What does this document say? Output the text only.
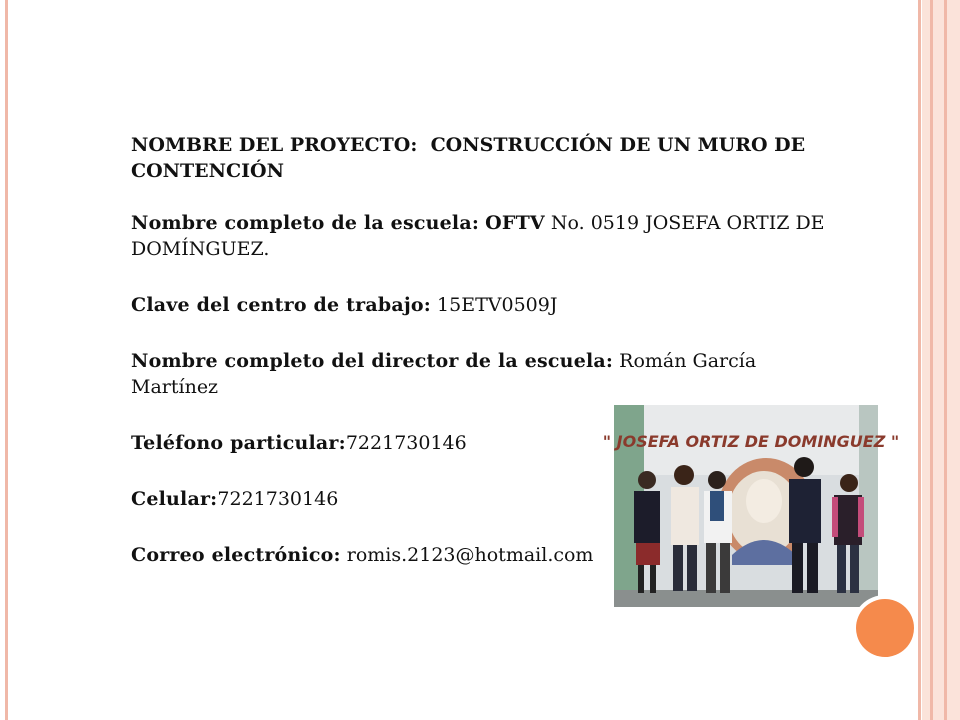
NOMBRE DEL PROYECTO: CONSTRUCCIÓN DE UN MURO DE CONTENCIÓN

Nombre completo de la escuela: OFTV No. 0519 JOSEFA ORTIZ DE DOMÍNGUEZ.

Clave del centro de trabajo: 15ETV0509J

Nombre completo del director de la escuela: Román García Martínez

Teléfono particular:7221730146

Celular:7221730146

Correo electrónico: romis.2123@hotmail.com

" JOSEFA ORTIZ DE DOMINGUEZ "
